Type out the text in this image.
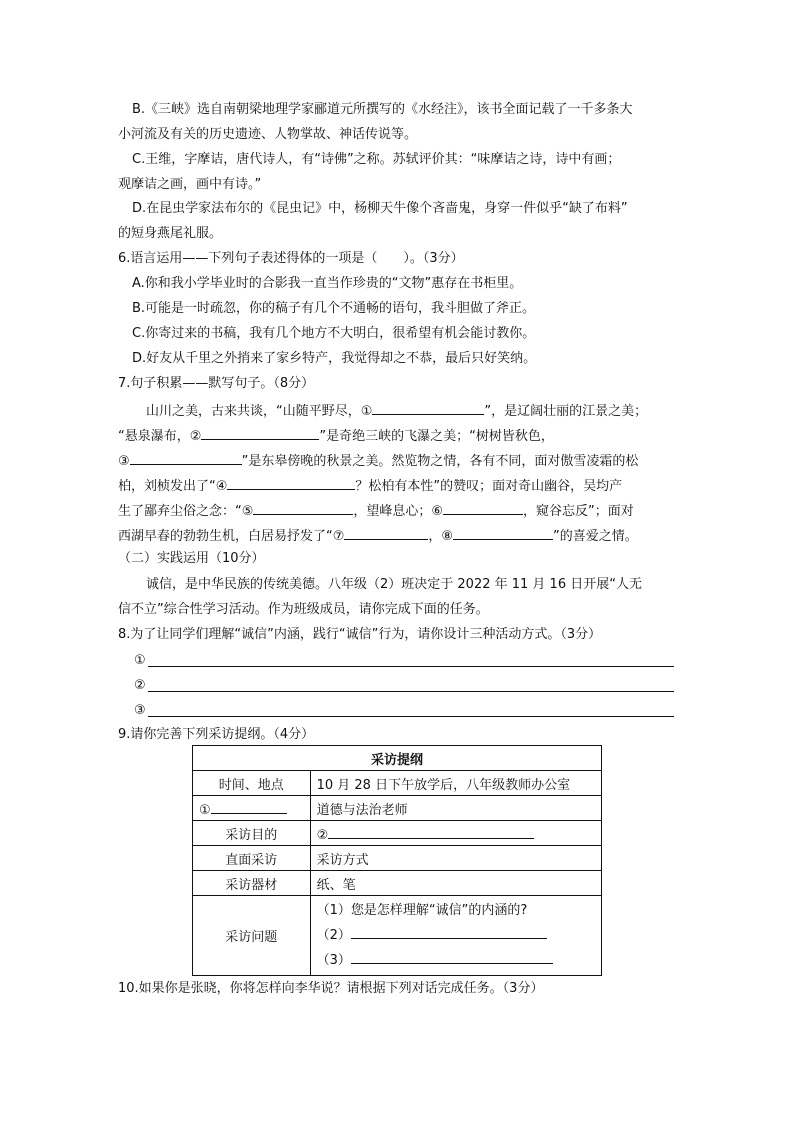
B.《三峡》选自南朝梁地理学家郦道元所撰写的《水经注》，该书全面记载了一千多条大
小河流及有关的历史遗迹、人物掌故、神话传说等。
C.王维，字摩诘，唐代诗人，有“诗佛”之称。苏轼评价其：“味摩诘之诗，诗中有画；
观摩诘之画，画中有诗。”
D.在昆虫学家法布尔的《昆虫记》中，杨柳天牛像个吝啬鬼，身穿一件似乎“缺了布料”
的短身燕尾礼服。
6.语言运用——下列句子表述得体的一项是（　　）。（3分）
A.你和我小学毕业时的合影我一直当作珍贵的“文物”惠存在书柜里。
B.可能是一时疏忽，你的稿子有几个不通畅的语句，我斗胆做了斧正。
C.你寄过来的书稿，我有几个地方不大明白，很希望有机会能讨教你。
D.好友从千里之外捎来了家乡特产，我觉得却之不恭，最后只好笑纳。
7.句子积累——默写句子。（8分）
山川之美，古来共谈，“山随平野尽，①	”，是辽阔壮丽的江景之美；
“悬泉瀑布，②	”是奇绝三峡的飞瀑之美；“树树皆秋色，
③	”是东皋傍晚的秋景之美。然览物之情，各有不同，面对傲雪凌霜的松
柏，刘桢发出了“④	？松柏有本性”的赞叹；面对奇山幽谷，吴均产
生了鄙弃尘俗之念：“⑤	，望峰息心；⑥	，窥谷忘反”；面对
西湖早春的勃勃生机，白居易抒发了“⑦	，⑧	”的喜爱之情。
（二）实践运用（10分）
诚信，是中华民族的传统美德。八年级（2）班决定于 2022 年 11 月 16 日开展“人无
信不立”综合性学习活动。作为班级成员，请你完成下面的任务。
8.为了让同学们理解“诚信”内涵，践行“诚信”行为，请你设计三种活动方式。（3分）
①
②
③
9.请你完善下列采访提纲。（4分）
采访提纲	
时间、地点	10 月 28 日下午放学后，八年级教师办公室
①	道德与法治老师
采访目的	②
直面采访	采访方式
采访器材	纸、笔
采访问题	（1）您是怎样理解“诚信”的内涵的?
（2）
（3）
10.如果你是张晓，你将怎样向李华说？请根据下列对话完成任务。（3分）
